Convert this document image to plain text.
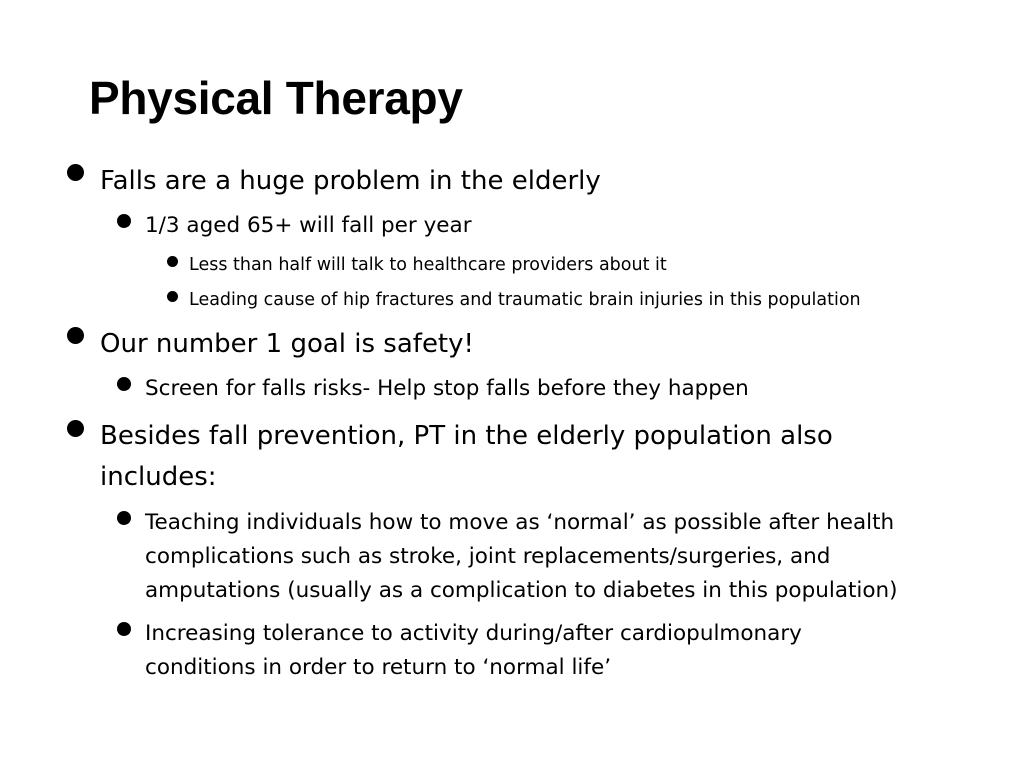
Physical Therapy
Falls are a huge problem in the elderly
1/3 aged 65+ will fall per year
Less than half will talk to healthcare providers about it
Leading cause of hip fractures and traumatic brain injuries in this population
Our number 1 goal is safety!
Screen for falls risks- Help stop falls before they happen
Besides fall prevention, PT in the elderly population also
includes:
Teaching individuals how to move as ‘normal’ as possible after health
complications such as stroke, joint replacements/surgeries, and
amputations (usually as a complication to diabetes in this population)
Increasing tolerance to activity during/after cardiopulmonary
conditions in order to return to ‘normal life’
